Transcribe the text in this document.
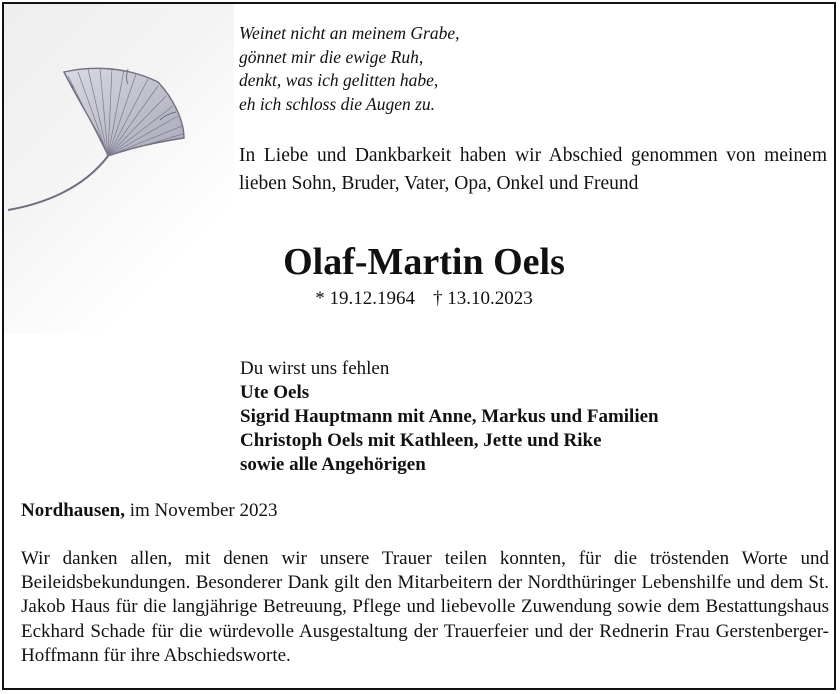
Weinet nicht an meinem Grabe,
gönnet mir die ewige Ruh,
denkt, was ich gelitten habe,
eh ich schloss die Augen zu.

In Liebe und Dankbarkeit haben wir Abschied genommen von meinem lieben Sohn, Bruder, Vater, Opa, Onkel und Freund

Olaf-Martin Oels
* 19.12.1964 † 13.10.2023
Du wirst uns fehlen
Ute Oels
Sigrid Hauptmann mit Anne, Markus und Familien
Christoph Oels mit Kathleen, Jette und Rike
sowie alle Angehörigen
Nordhausen, im November 2023

Wir danken allen, mit denen wir unsere Trauer teilen konnten, für die tröstenden Worte und Beileidsbekundungen. Besonderer Dank gilt den Mitarbeitern der Nordthüringer Lebenshilfe und dem St. Jakob Haus für die langjährige Betreuung, Pflege und liebevolle Zuwendung sowie dem Bestattungshaus Eckhard Schade für die würdevolle Ausgestaltung der Trauerfeier und der Rednerin Frau Gerstenberger-Hoffmann für ihre Abschiedsworte.
